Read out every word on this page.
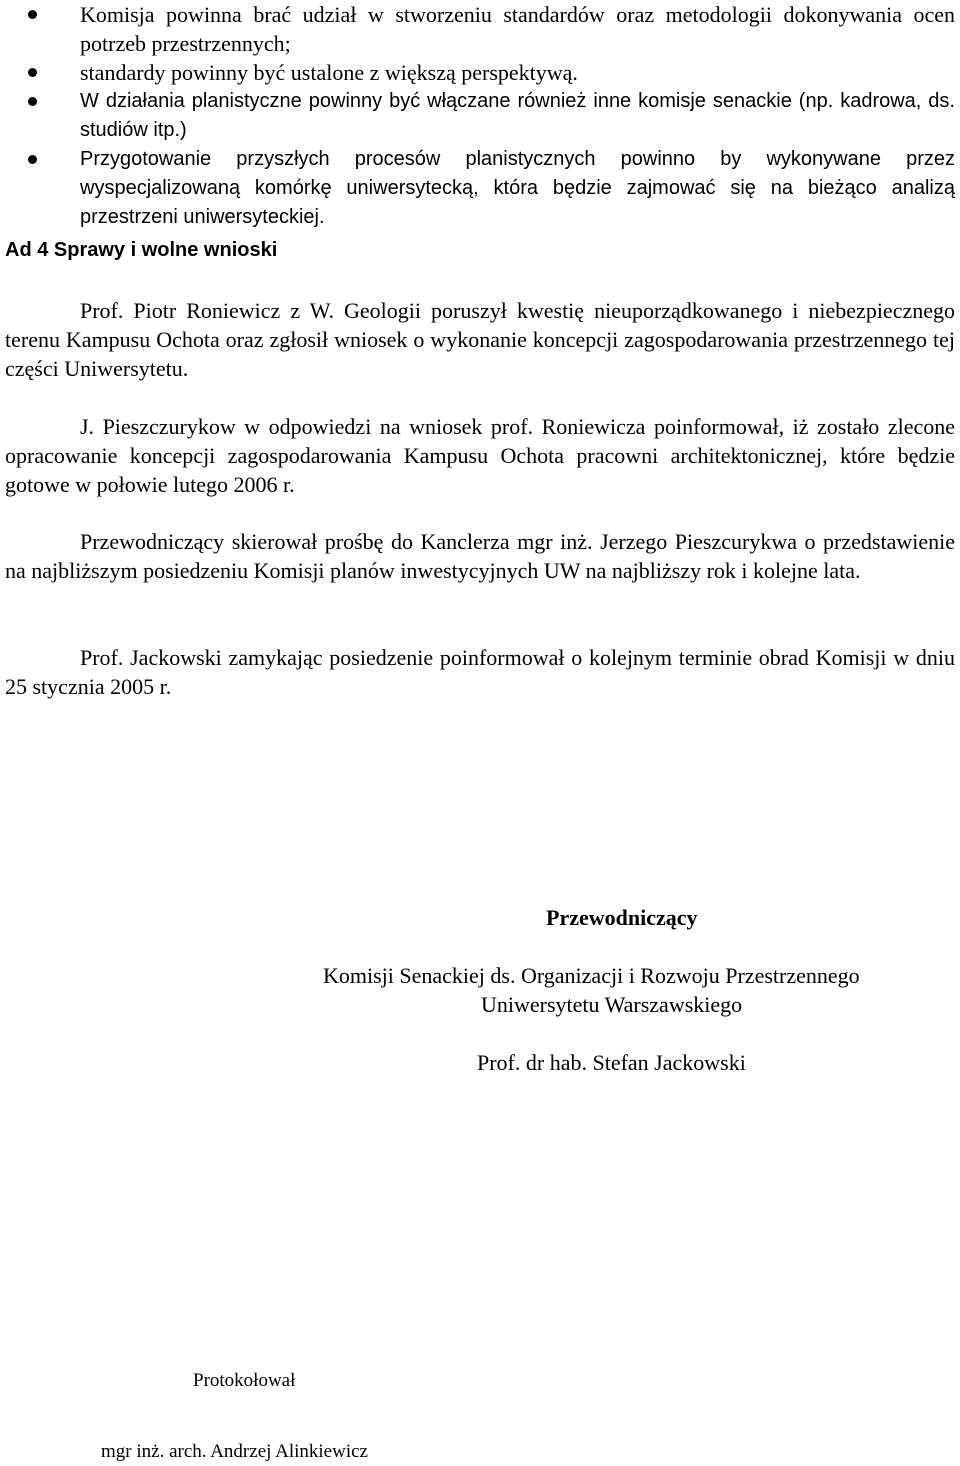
Komisja powinna brać udział w stworzeniu standardów oraz metodologii dokonywania ocen potrzeb przestrzennych;
standardy powinny być ustalone z większą perspektywą.
W działania planistyczne powinny być włączane również inne komisje senackie (np. kadrowa, ds. studiów itp.)
Przygotowanie przyszłych procesów planistycznych powinno by wykonywane przez wyspecjalizowaną komórkę uniwersytecką, która będzie zajmować się na bieżąco analizą przestrzeni uniwersyteckiej.

Ad 4 Sprawy i wolne wnioski

Prof. Piotr Roniewicz z W. Geologii poruszył kwestię nieuporządkowanego i niebezpiecznego terenu Kampusu Ochota oraz zgłosił wniosek o wykonanie koncepcji zagospodarowania przestrzennego tej części Uniwersytetu.

J. Pieszczurykow w odpowiedzi na wniosek prof. Roniewicza poinformował, iż zostało zlecone opracowanie koncepcji zagospodarowania Kampusu Ochota pracowni architektonicznej, które będzie gotowe w połowie lutego 2006 r.

Przewodniczący skierował prośbę do Kanclerza mgr inż. Jerzego Pieszcurykwa o przedstawienie na najbliższym posiedzeniu Komisji planów inwestycyjnych UW na najbliższy rok i kolejne lata.

Prof. Jackowski zamykając posiedzenie poinformował o kolejnym terminie obrad Komisji w dniu 25 stycznia 2005 r.

Przewodniczący

Komisji Senackiej ds. Organizacji i Rozwoju Przestrzennego

Uniwersytetu Warszawskiego

Prof. dr hab. Stefan Jackowski

Protokołował

mgr inż. arch. Andrzej Alinkiewicz
